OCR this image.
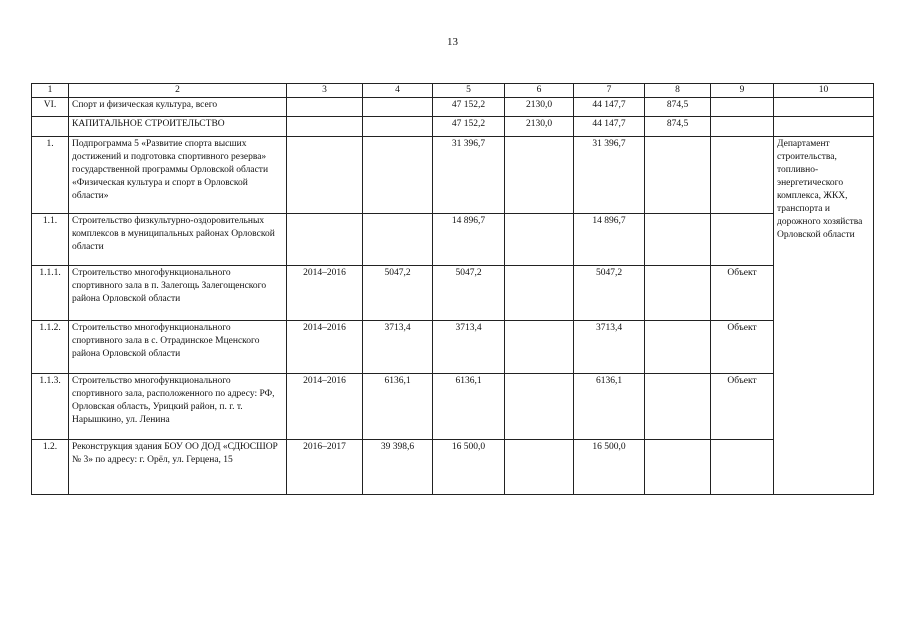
13
1	2	3	4	5	6	7	8	9	10
VI.	Спорт и физическая культура, всего			47 152,2	2130,0	44 147,7	874,5		
	КАПИТАЛЬНОЕ СТРОИТЕЛЬСТВО			47 152,2	2130,0	44 147,7	874,5		
1.	Подпрограмма 5 «Развитие спорта высших достижений и подготовка спортивного резерва» государственной программы Орловской области «Физическая культура и спорт в Орловской области»			31 396,7		31 396,7			Департамент строительства, топливно-энергетического комплекса, ЖКХ, транспорта и дорожного хозяйства Орловской области
1.1.	Строительство физкультурно-оздоровительных комплексов в муниципальных районах Орловской области			14 896,7		14 896,7			
1.1.1.	Строительство многофункционального спортивного зала в п. Залегощь Залегощенского района Орловской области	2014–2016	5047,2	5047,2		5047,2		Объект	
1.1.2.	Строительство многофункционального спортивного зала в с. Отрадинское Мценского района Орловской области	2014–2016	3713,4	3713,4		3713,4		Объект	
1.1.3.	Строительство многофункционального спортивного зала, расположенного по адресу: РФ, Орловская область, Урицкий район, п. г. т. Нарышкино, ул. Ленина	2014–2016	6136,1	6136,1		6136,1		Объект	
1.2.	Реконструкция здания БОУ ОО ДОД «СДЮСШОР № 3» по адресу: г. Орёл, ул. Герцена, 15	2016–2017	39 398,6	16 500,0		16 500,0			
